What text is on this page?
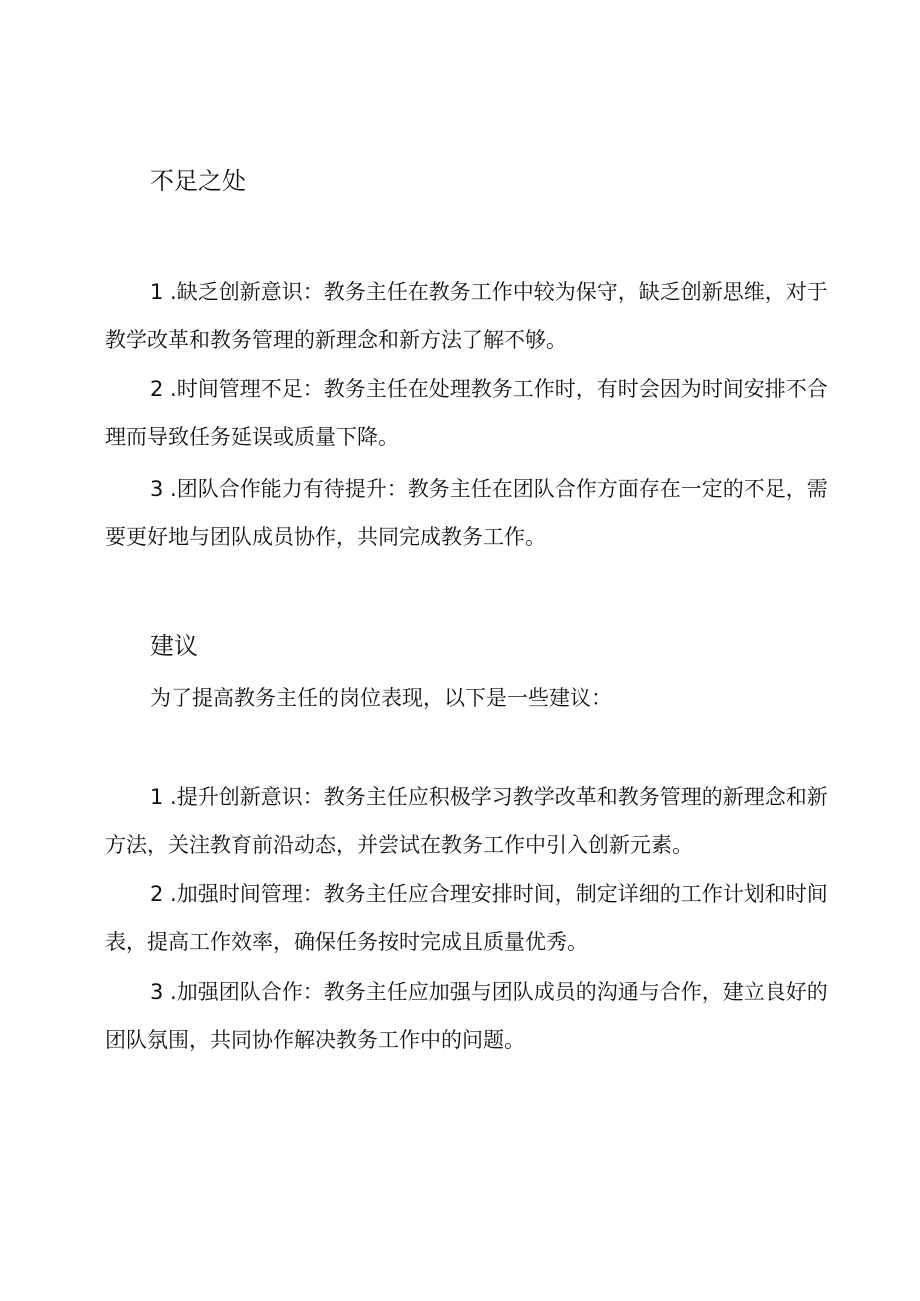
不足之处

1 .缺乏创新意识：教务主任在教务工作中较为保守，缺乏创新思维，对于教学改革和教务管理的新理念和新方法了解不够。

2 .时间管理不足：教务主任在处理教务工作时，有时会因为时间安排不合理而导致任务延误或质量下降。

3 .团队合作能力有待提升：教务主任在团队合作方面存在一定的不足，需要更好地与团队成员协作，共同完成教务工作。

建议

为了提高教务主任的岗位表现，以下是一些建议：

1 .提升创新意识：教务主任应积极学习教学改革和教务管理的新理念和新方法，关注教育前沿动态，并尝试在教务工作中引入创新元素。

2 .加强时间管理：教务主任应合理安排时间，制定详细的工作计划和时间表，提高工作效率，确保任务按时完成且质量优秀。

3 .加强团队合作：教务主任应加强与团队成员的沟通与合作，建立良好的团队氛围，共同协作解决教务工作中的问题。
